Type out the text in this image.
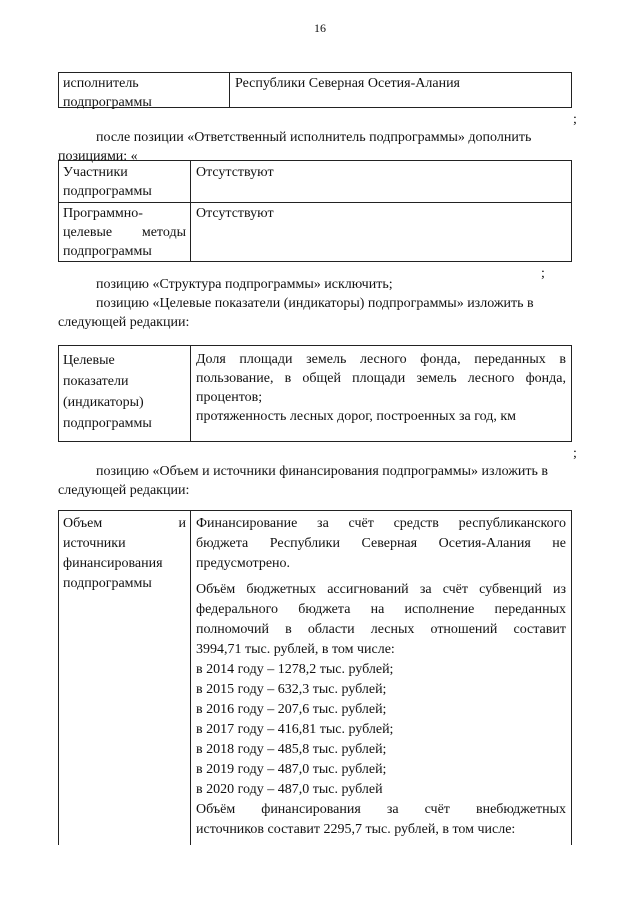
16
исполнитель
подпрограммы
Республики Северная Осетия-Алания
;
после позиции «Ответственный исполнитель подпрограммы» дополнить
позициями: «
Участники
подпрограммы
Отсутствуют
Программно-
целевые методы
подпрограммы
Отсутствуют
;
позицию «Структура подпрограммы» исключить;
позицию «Целевые показатели (индикаторы) подпрограммы» изложить в
следующей редакции:
Целевые
показатели
(индикаторы)
подпрограммы
Доля площади земель лесного фонда, переданных в
пользование, в общей площади земель лесного фонда,
процентов;
протяженность лесных дорог, построенных за год, км
;
позицию «Объем и источники финансирования подпрограммы» изложить в
следующей редакции:
Объем	и
источники
финансирования
подпрограммы
Финансирование за счёт средств республиканского
бюджета Республики Северная Осетия-Алания не
предусмотрено.
Объём бюджетных ассигнований за счёт субвенций из
федерального бюджета на исполнение переданных
полномочий в области лесных отношений составит
3994,71 тыс. рублей, в том числе:
в 2014 году – 1278,2 тыс. рублей;
в 2015 году – 632,3 тыс. рублей;
в 2016 году – 207,6 тыс. рублей;
в 2017 году – 416,81 тыс. рублей;
в 2018 году – 485,8 тыс. рублей;
в 2019 году – 487,0 тыс. рублей;
в 2020 году – 487,0 тыс. рублей
Объём финансирования за счёт внебюджетных
источников составит 2295,7 тыс. рублей, в том числе:
